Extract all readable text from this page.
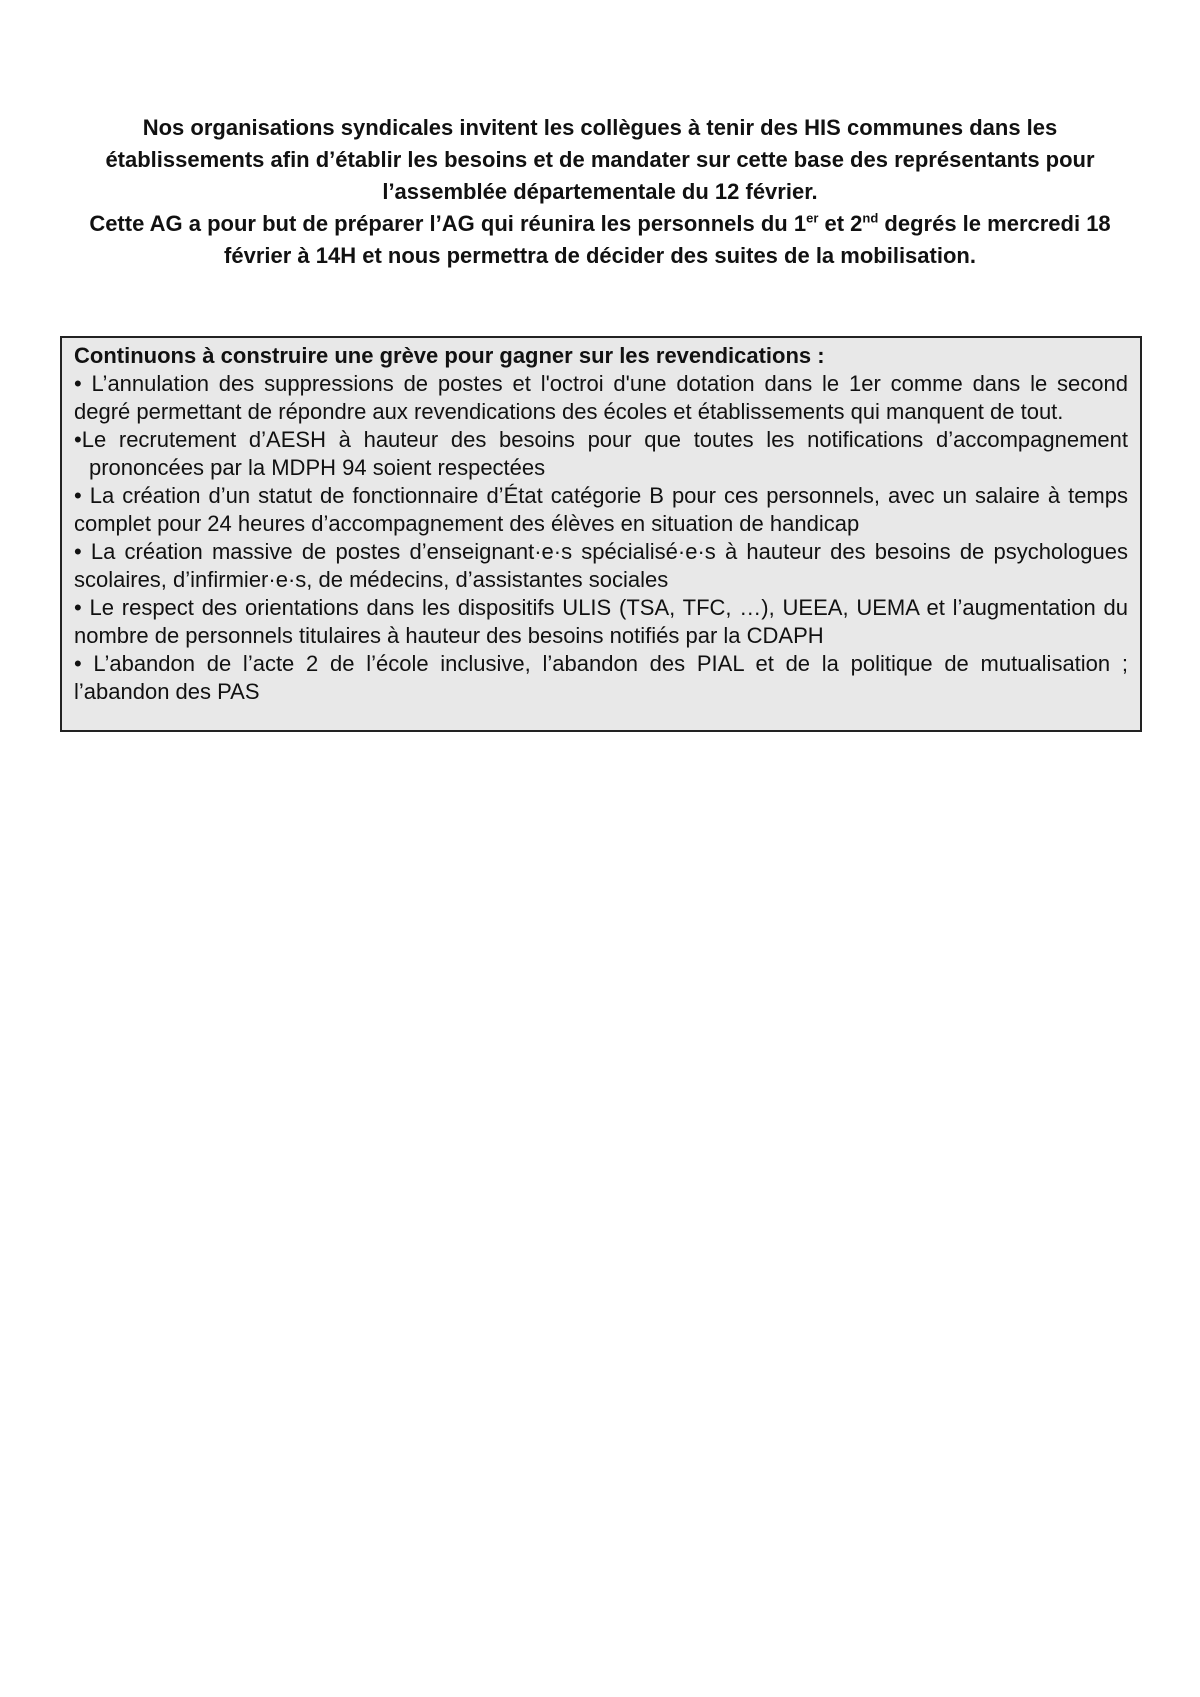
Nos organisations syndicales invitent les collègues à tenir des HIS communes dans les établissements afin d’établir les besoins et de mandater sur cette base des représentants pour l’assemblée départementale du 12 février.

Cette AG a pour but de préparer l’AG qui réunira les personnels du 1er et 2nd degrés le mercredi 18 février à 14H et nous permettra de décider des suites de la mobilisation.

Continuons à construire une grève pour gagner sur les revendications :

• L’annulation des suppressions de postes et l'octroi d'une dotation dans le 1er comme dans le second degré permettant de répondre aux revendications des écoles et établissements qui manquent de tout.
•Le recrutement d’AESH à hauteur des besoins pour que toutes les notifications d’accompagnement prononcées par la MDPH 94 soient respectées
• La création d’un statut de fonctionnaire d’État catégorie B pour ces personnels, avec un salaire à temps complet pour 24 heures d’accompagnement des élèves en situation de handicap
• La création massive de postes d’enseignant·e·s spécialisé·e·s à hauteur des besoins de psychologues scolaires, d’infirmier·e·s, de médecins, d’assistantes sociales
• Le respect des orientations dans les dispositifs ULIS (TSA, TFC, …), UEEA, UEMA et l’augmentation du nombre de personnels titulaires à hauteur des besoins notifiés par la CDAPH
• L’abandon de l’acte 2 de l’école inclusive, l’abandon des PIAL et de la politique de mutualisation ; l’abandon des PAS
